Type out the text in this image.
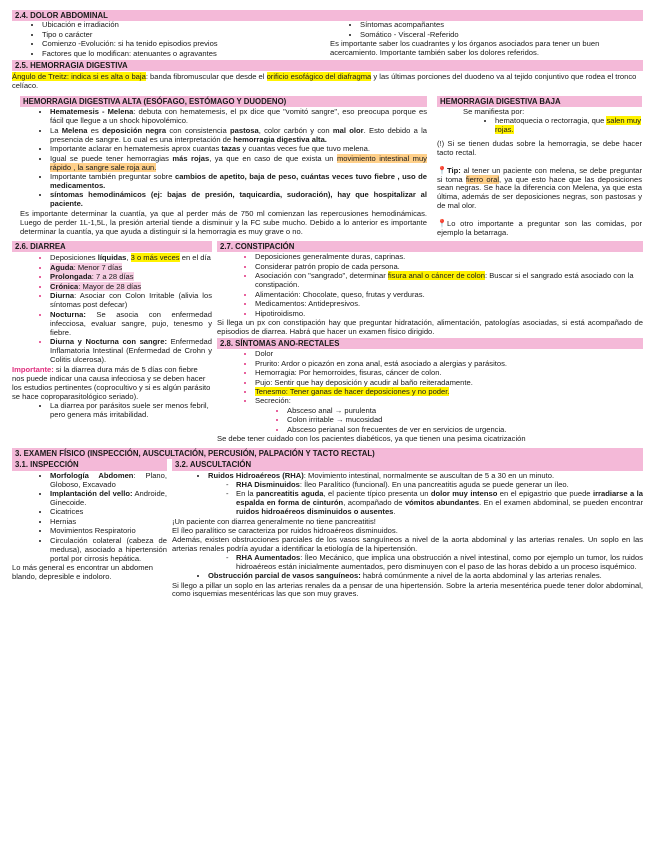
2.4. DOLOR ABDOMINAL
• Ubicación e irradiación
• Tipo o carácter
• Comienzo -Evolución: si ha tenido episodios previos
• Factores que lo modifican: atenuantes o agravantes
• Síntomas acompañantes
• Somático - Visceral -Referido

Es importante saber los cuadrantes y los órganos asociados para tener un buen acercamiento. Importante también saber los dolores referidos.

2.5. HEMORRAGIA DIGESTIVA

Ángulo de Treitz: indica si es alta o baja: banda fibromuscular que desde el orificio esofágico del diafragma y las últimas porciones del duodeno va al tejido conjuntivo que rodea el tronco celíaco.

HEMORRAGIA DIGESTIVA ALTA (ESÓFAGO, ESTÓMAGO Y DUODENO)
• Hematemesis - Melena: debuta con hematemesis, el px dice que "vomitó sangre", eso preocupa porque es fácil que llegue a un shock hipovolémico.
• La Melena es deposición negra con consistencia pastosa, color carbón y con mal olor. Esto debido a la presencia de sangre. Lo cual es una interpretación de hemorragia digestiva alta.
• Importante aclarar en hematemesis aprox cuantas tazas y cuantas veces fue que tuvo melena.
• Igual se puede tener hemorragias más rojas, ya que en caso de que exista un movimiento intestinal muy rápido , la sangre sale roja aun.
• Importante también preguntar sobre cambios de apetito, baja de peso, cuántas veces tuvo fiebre , uso de medicamentos.
• síntomas hemodinámicos (ej: bajas de presión, taquicardia, sudoración), hay que hospitalizar al paciente.

Es importante determinar la cuantía, ya que al perder más de 750 ml comienzan las repercusiones hemodinámicas. Luego de perder 1L-1,5L, la presión arterial tiende a disminuir y la FC sube mucho. Debido a lo anterior es importante determinar la cuantía, ya que ayuda a distinguir si la hemorragia es muy grave o no.

HEMORRAGIA DIGESTIVA BAJA

Se manifiesta por:

• hematoquecia o rectorragia, que salen muy rojas.

(!) Si se tienen dudas sobre la hemorragia, se debe hacer tacto rectal.

📍Tip: al tener un paciente con melena, se debe preguntar si toma fierro oral, ya que esto hace que las deposiciones sean negras. Se hace la diferencia con Melena, ya que esta última, además de ser deposiciones negras, son pastosas y de mal olor.

📍Lo otro importante a preguntar son las comidas, por ejemplo la betarraga.

2.6. DIARREA
• Deposiciones líquidas, 3 o más veces en el día
• Aguda: Menor 7 días
• Prolongada: 7 a 28 días
• Crónica: Mayor de 28 días
• Diurna: Asociar con Colon Irritable (alivia los síntomas post defecar)
• Nocturna: Se asocia con enfermedad infecciosa, evaluar sangre, pujo, tenesmo y fiebre.
• Diurna y Nocturna con sangre: Enfermedad Inflamatoria Intestinal (Enfermedad de Crohn y Colitis ulcerosa).

Importante: si la diarrea dura más de 5 días con fiebre nos puede indicar una causa infecciosa y se deben hacer los estudios pertinentes (coprocultivo y si es algún parásito se hace coproparasitológico seriado).

• La diarrea por parásitos suele ser menos febril, pero genera más irritabilidad.
2.7. CONSTIPACIÓN
• Deposiciones generalmente duras, caprinas.
• Considerar patrón propio de cada persona.
• Asociación con "sangrado", determinar fisura anal o cáncer de colon: Buscar si el sangrado está asociado con la constipación.
• Alimentación: Chocolate, queso, frutas y verduras.
• Medicamentos: Antidepresivos.
• Hipotiroidismo.

Si llega un px con constipación hay que preguntar hidratación, alimentación, patologías asociadas, si está acompañado de episodios de diarrea. Habrá que hacer un examen físico dirigido.

2.8. SÍNTOMAS ANO-RECTALES
• Dolor
• Prurito: Ardor o picazón en zona anal, está asociado a alergias y parásitos.
• Hemorragia: Por hemorroides, fisuras, cáncer de colon.
• Pujo: Sentir que hay deposición y acudir al baño reiteradamente.
• Tenesmo: Tener ganas de hacer deposiciones y no poder.
• Secreción:
• Absceso anal → purulenta
• Colon irritable → mucosidad
• Absceso perianal son frecuentes de ver en servicios de urgencia.

Se debe tener cuidado con los pacientes diabéticos, ya que tienen una pesima cicatrización

3. EXAMEN FÍSICO (INSPECCIÓN, AUSCULTACIÓN, PERCUSIÓN, PALPACIÓN Y TACTO RECTAL)
3.1. INSPECCIÓN
• Morfología Abdomen: Plano, Globoso, Excavado
• Implantación del vello: Androide, Ginecoide.
• Cicatrices
• Hernias
• Movimientos Respiratorio
• Circulación colateral (cabeza de medusa), asociado a hipertensión portal por cirrosis hepática.

Lo más general es encontrar un abdomen blando, depresible e indoloro.

3.2. AUSCULTACIÓN
• Ruidos Hidroaéreos (RHA): Movimiento intestinal, normalmente se auscultan de 5 a 30 en un minuto.
- RHA Disminuidos: Íleo Paralítico (funcional). En una pancreatitis aguda se puede generar un íleo.
- En la pancreatitis aguda, el paciente típico presenta un dolor muy intenso en el epigastrio que puede irradiarse a la espalda en forma de cinturón, acompañado de vómitos abundantes. En el examen abdominal, se pueden encontrar ruidos hidroaéreos disminuidos o ausentes.

¡Un paciente con diarrea generalmente no tiene pancreatitis!

El íleo paralítico se caracteriza por ruidos hidroaéreos disminuidos.

Además, existen obstrucciones parciales de los vasos sanguíneos a nivel de la aorta abdominal y las arterias renales. Un soplo en las arterias renales podría ayudar a identificar la etiología de la hipertensión.

- RHA Aumentados: Íleo Mecánico, que implica una obstrucción a nivel intestinal, como por ejemplo un tumor, los ruidos hidroaéreos están inicialmente aumentados, pero disminuyen con el paso de las horas debido a un proceso isquémico.
• Obstrucción parcial de vasos sanguíneos: habrá comúnmente a nivel de la aorta abdominal y las arterias renales.

Si llego a pillar un soplo en las arterias renales da a pensar de una hipertensión. Sobre la arteria mesentérica puede tener dolor abdominal, como isquemias mesentéricas las que son muy graves.
